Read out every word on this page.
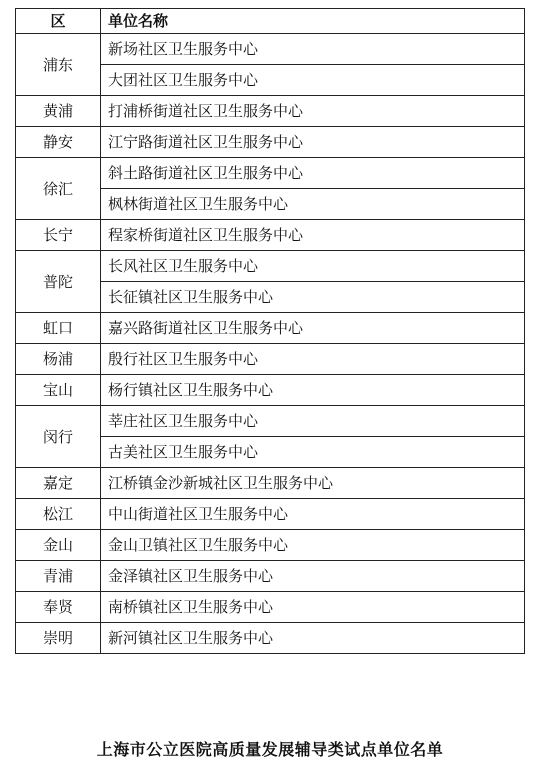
区	单位名称
浦东	新场社区卫生服务中心
	大团社区卫生服务中心
黄浦	打浦桥街道社区卫生服务中心
静安	江宁路街道社区卫生服务中心
徐汇	斜土路街道社区卫生服务中心
	枫林街道社区卫生服务中心
长宁	程家桥街道社区卫生服务中心
普陀	长风社区卫生服务中心
	长征镇社区卫生服务中心
虹口	嘉兴路街道社区卫生服务中心
杨浦	殷行社区卫生服务中心
宝山	杨行镇社区卫生服务中心
闵行	莘庄社区卫生服务中心
	古美社区卫生服务中心
嘉定	江桥镇金沙新城社区卫生服务中心
松江	中山街道社区卫生服务中心
金山	金山卫镇社区卫生服务中心
青浦	金泽镇社区卫生服务中心
奉贤	南桥镇社区卫生服务中心
崇明	新河镇社区卫生服务中心
上海市公立医院高质量发展辅导类试点单位名单
